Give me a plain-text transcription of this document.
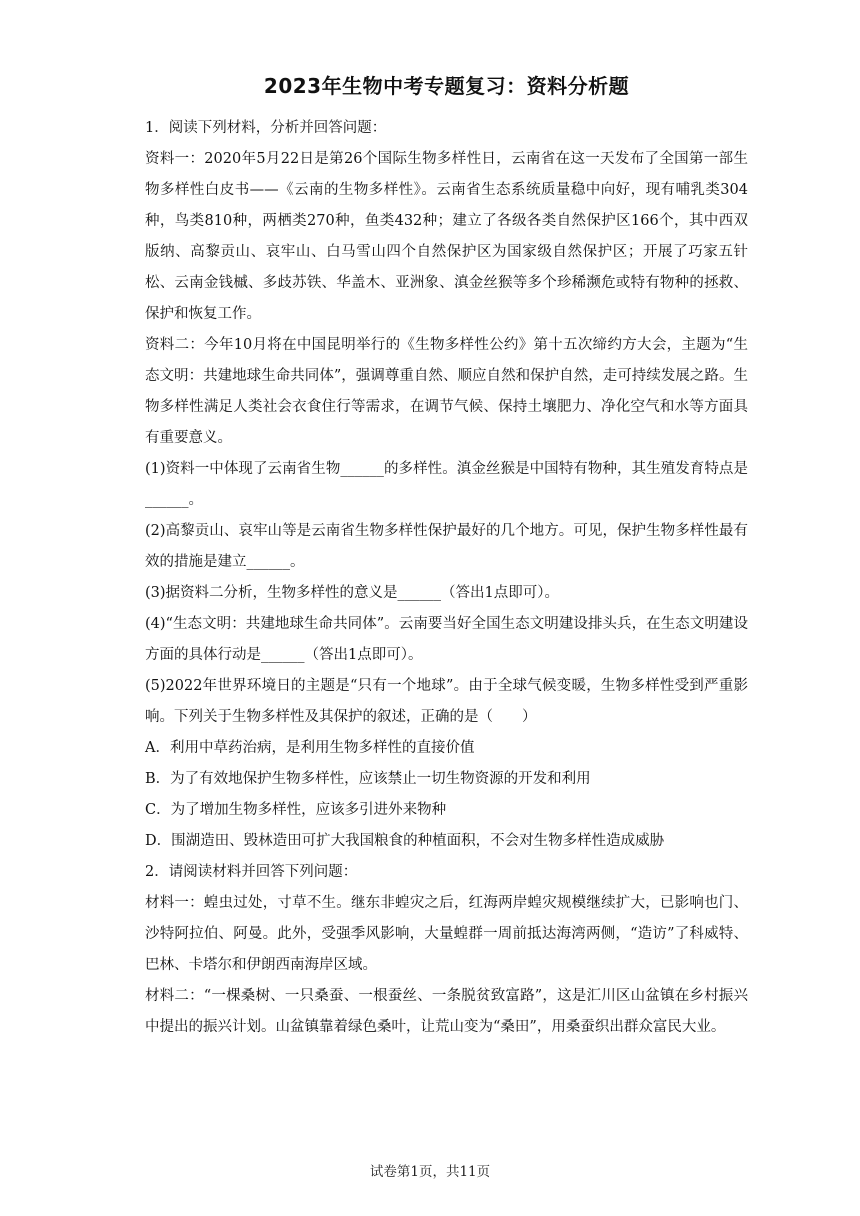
2023年生物中考专题复习：资料分析题

1．阅读下列材料，分析并回答问题：

资料一：2020年5月22日是第26个国际生物多样性日，云南省在这一天发布了全国第一部生物多样性白皮书——《云南的生物多样性》。云南省生态系统质量稳中向好，现有哺乳类304种，鸟类810种，两栖类270种，鱼类432种；建立了各级各类自然保护区166个，其中西双版纳、高黎贡山、哀牢山、白马雪山四个自然保护区为国家级自然保护区；开展了巧家五针松、云南金钱槭、多歧苏铁、华盖木、亚洲象、滇金丝猴等多个珍稀濒危或特有物种的拯救、保护和恢复工作。

资料二：今年10月将在中国昆明举行的《生物多样性公约》第十五次缔约方大会，主题为“生态文明：共建地球生命共同体”，强调尊重自然、顺应自然和保护自然，走可持续发展之路。生物多样性满足人类社会衣食住行等需求，在调节气候、保持土壤肥力、净化空气和水等方面具有重要意义。

(1)资料一中体现了云南省生物______的多样性。滇金丝猴是中国特有物种，其生殖发育特点是______。

(2)高黎贡山、哀牢山等是云南省生物多样性保护最好的几个地方。可见，保护生物多样性最有效的措施是建立______。

(3)据资料二分析，生物多样性的意义是______（答出1点即可）。

(4)“生态文明：共建地球生命共同体”。云南要当好全国生态文明建设排头兵，在生态文明建设方面的具体行动是______（答出1点即可）。

(5)2022年世界环境日的主题是“只有一个地球”。由于全球气候变暖，生物多样性受到严重影响。下列关于生物多样性及其保护的叙述，正确的是（　　）

A．利用中草药治病，是利用生物多样性的直接价值

B．为了有效地保护生物多样性，应该禁止一切生物资源的开发和利用

C．为了增加生物多样性，应该多引进外来物种

D．围湖造田、毁林造田可扩大我国粮食的种植面积，不会对生物多样性造成威胁

2．请阅读材料并回答下列问题：

材料一：蝗虫过处，寸草不生。继东非蝗灾之后，红海两岸蝗灾规模继续扩大，已影响也门、沙特阿拉伯、阿曼。此外，受强季风影响，大量蝗群一周前抵达海湾两侧，“造访”了科威特、巴林、卡塔尔和伊朗西南海岸区域。

材料二：“一棵桑树、一只桑蚕、一根蚕丝、一条脱贫致富路”，这是汇川区山盆镇在乡村振兴中提出的振兴计划。山盆镇靠着绿色桑叶，让荒山变为“桑田”，用桑蚕织出群众富民大业。

试卷第1页，共11页
